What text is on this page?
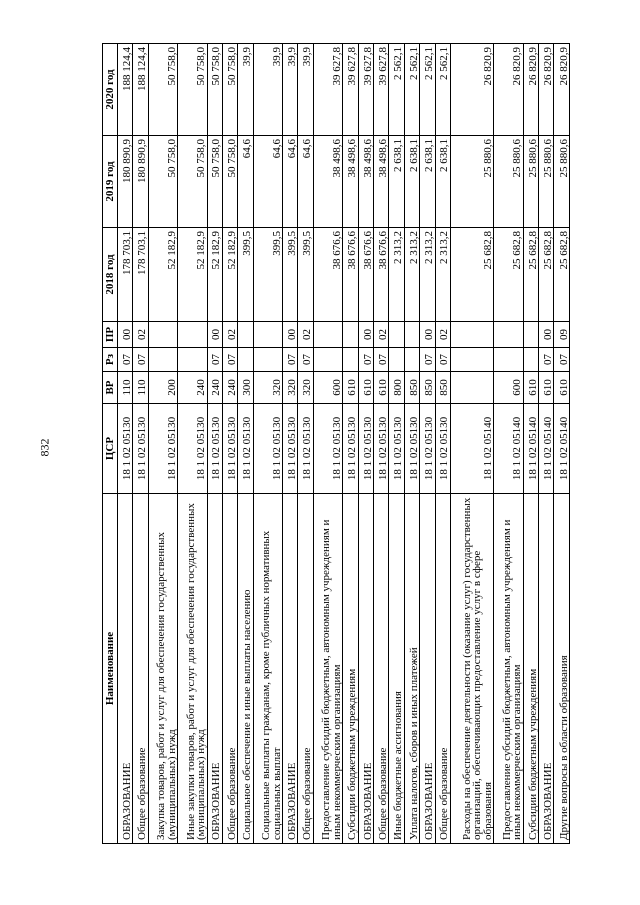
832
Наименование	ЦСР	ВР	Рз	ПР	2018 год	2019 год	2020 год
ОБРАЗОВАНИЕ	18 1 02 05130	110	07	00	178 703,1	180 890,9	188 124,4
Общее образование	18 1 02 05130	110	07	02	178 703,1	180 890,9	188 124,4
Закупка товаров, работ и услуг для обеспечения государственных (муниципальных) нужд	18 1 02 05130	200			52 182,9	50 758,0	50 758,0
Иные закупки товаров, работ и услуг для обеспечения государственных (муниципальных) нужд	18 1 02 05130	240			52 182,9	50 758,0	50 758,0
ОБРАЗОВАНИЕ	18 1 02 05130	240	07	00	52 182,9	50 758,0	50 758,0
Общее образование	18 1 02 05130	240	07	02	52 182,9	50 758,0	50 758,0
Социальное обеспечение и иные выплаты населению	18 1 02 05130	300			399,5	64,6	39,9
Социальные выплаты гражданам, кроме публичных нормативных социальных выплат	18 1 02 05130	320			399,5	64,6	39,9
ОБРАЗОВАНИЕ	18 1 02 05130	320	07	00	399,5	64,6	39,9
Общее образование	18 1 02 05130	320	07	02	399,5	64,6	39,9
Предоставление субсидий бюджетным, автономным учреждениям и иным некоммерческим организациям	18 1 02 05130	600			38 676,6	38 498,6	39 627,8
Субсидии бюджетным учреждениям	18 1 02 05130	610			38 676,6	38 498,6	39 627,8
ОБРАЗОВАНИЕ	18 1 02 05130	610	07	00	38 676,6	38 498,6	39 627,8
Общее образование	18 1 02 05130	610	07	02	38 676,6	38 498,6	39 627,8
Иные бюджетные ассигнования	18 1 02 05130	800			2 313,2	2 638,1	2 562,1
Уплата налогов, сборов и иных платежей	18 1 02 05130	850			2 313,2	2 638,1	2 562,1
ОБРАЗОВАНИЕ	18 1 02 05130	850	07	00	2 313,2	2 638,1	2 562,1
Общее образование	18 1 02 05130	850	07	02	2 313,2	2 638,1	2 562,1
Расходы на обеспечение деятельности (оказание услуг) государственных организаций, обеспечивающих предоставление услуг в сфере образования	18 1 02 05140				25 682,8	25 880,6	26 820,9
Предоставление субсидий бюджетным, автономным учреждениям и иным некоммерческим организациям	18 1 02 05140	600			25 682,8	25 880,6	26 820,9
Субсидии бюджетным учреждениям	18 1 02 05140	610			25 682,8	25 880,6	26 820,9
ОБРАЗОВАНИЕ	18 1 02 05140	610	07	00	25 682,8	25 880,6	26 820,9
Другие вопросы в области образования	18 1 02 05140	610	07	09	25 682,8	25 880,6	26 820,9
